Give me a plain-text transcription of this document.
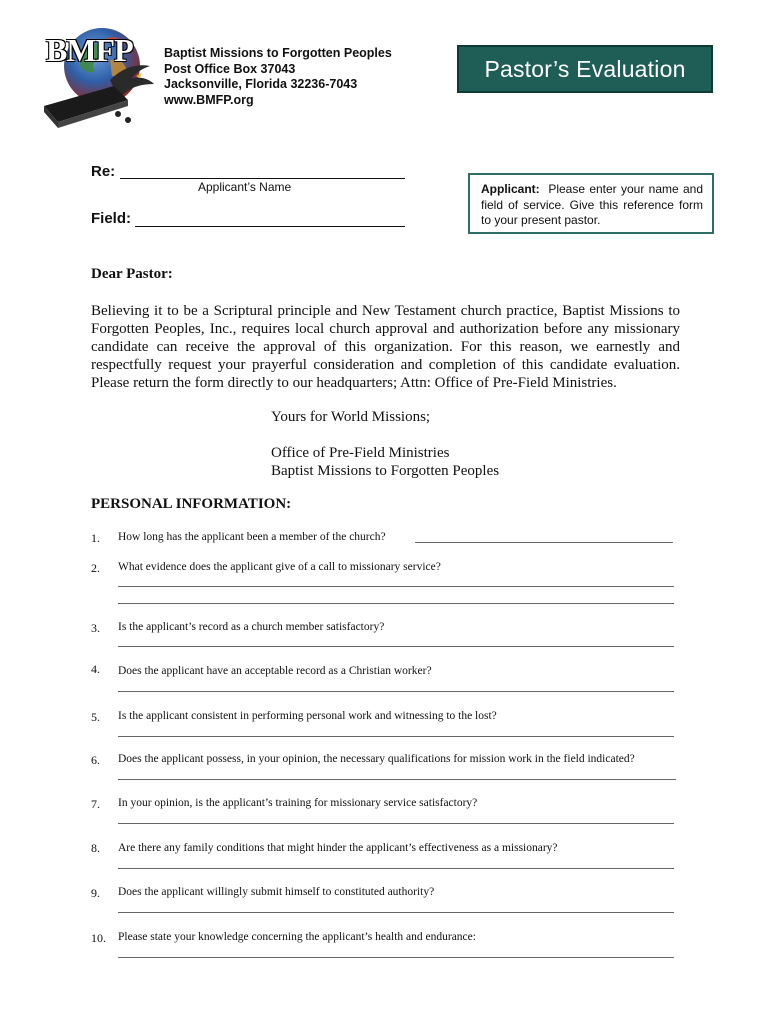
BMFP	Baptist Missions to Forgotten Peoples
Post Office Box 37043
Jacksonville, Florida 32236-7043
www.BMFP.org
Pastor’s Evaluation
Re:
Applicant’s Name
Field:
Applicant: Please enter your name and field of service. Give this reference form to your present pastor.
Dear Pastor:
Believing it to be a Scriptural principle and New Testament church practice, Baptist Missions to Forgotten Peoples, Inc., requires local church approval and authorization before any missionary candidate can receive the approval of this organization. For this reason, we earnestly and respectfully request your prayerful consideration and completion of this candidate evaluation. Please return the form directly to our headquarters; Attn: Office of Pre-Field Ministries.
Yours for World Missions;
Office of Pre-Field Ministries
Baptist Missions to Forgotten Peoples
PERSONAL INFORMATION:
1. How long has the applicant been a member of the church?
2. What evidence does the applicant give of a call to missionary service?
3. Is the applicant’s record as a church member satisfactory?
4. Does the applicant have an acceptable record as a Christian worker?
5. Is the applicant consistent in performing personal work and witnessing to the lost?
6. Does the applicant possess, in your opinion, the necessary qualifications for mission work in the field indicated?
7. In your opinion, is the applicant’s training for missionary service satisfactory?
8. Are there any family conditions that might hinder the applicant’s effectiveness as a missionary?
9. Does the applicant willingly submit himself to constituted authority?
10. Please state your knowledge concerning the applicant’s health and endurance:
